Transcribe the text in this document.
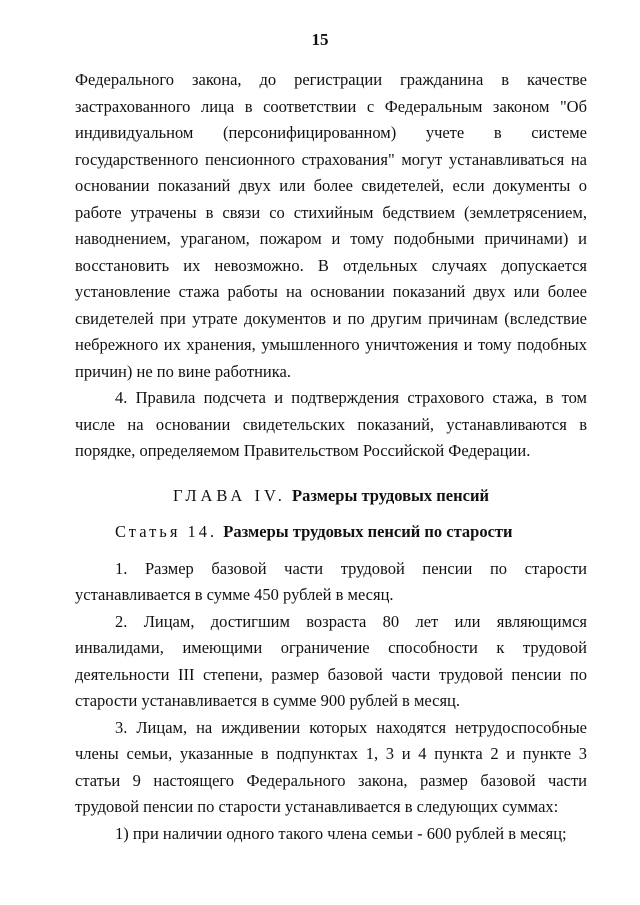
15

Федерального закона, до регистрации гражданина в качестве застрахованного лица в соответствии с Федеральным законом "Об индивидуальном (персонифицированном) учете в системе государственного пенсионного страхования" могут устанавливаться на основании показаний двух или более свидетелей, если документы о работе утрачены в связи со стихийным бедствием (землетрясением, наводнением, ураганом, пожаром и тому подобными причинами) и восстановить их невозможно. В отдельных случаях допускается установление стажа работы на основании показаний двух или более свидетелей при утрате документов и по другим причинам (вследствие небрежного их хранения, умышленного уничтожения и тому подобных причин) не по вине работника.

4. Правила подсчета и подтверждения страхового стажа, в том числе на основании свидетельских показаний, устанавливаются в порядке, определяемом Правительством Российской Федерации.

ГЛАВА IV. Размеры трудовых пенсий
Статья 14. Размеры трудовых пенсий по старости

1. Размер базовой части трудовой пенсии по старости устанавливается в сумме 450 рублей в месяц.

2. Лицам, достигшим возраста 80 лет или являющимся инвалидами, имеющими ограничение способности к трудовой деятельности III степени, размер базовой части трудовой пенсии по старости устанавливается в сумме 900 рублей в месяц.

3. Лицам, на иждивении которых находятся нетрудоспособные члены семьи, указанные в подпунктах 1, 3 и 4 пункта 2 и пункте 3 статьи 9 настоящего Федерального закона, размер базовой части трудовой пенсии по старости устанавливается в следующих суммах:

1) при наличии одного такого члена семьи - 600 рублей в месяц;
